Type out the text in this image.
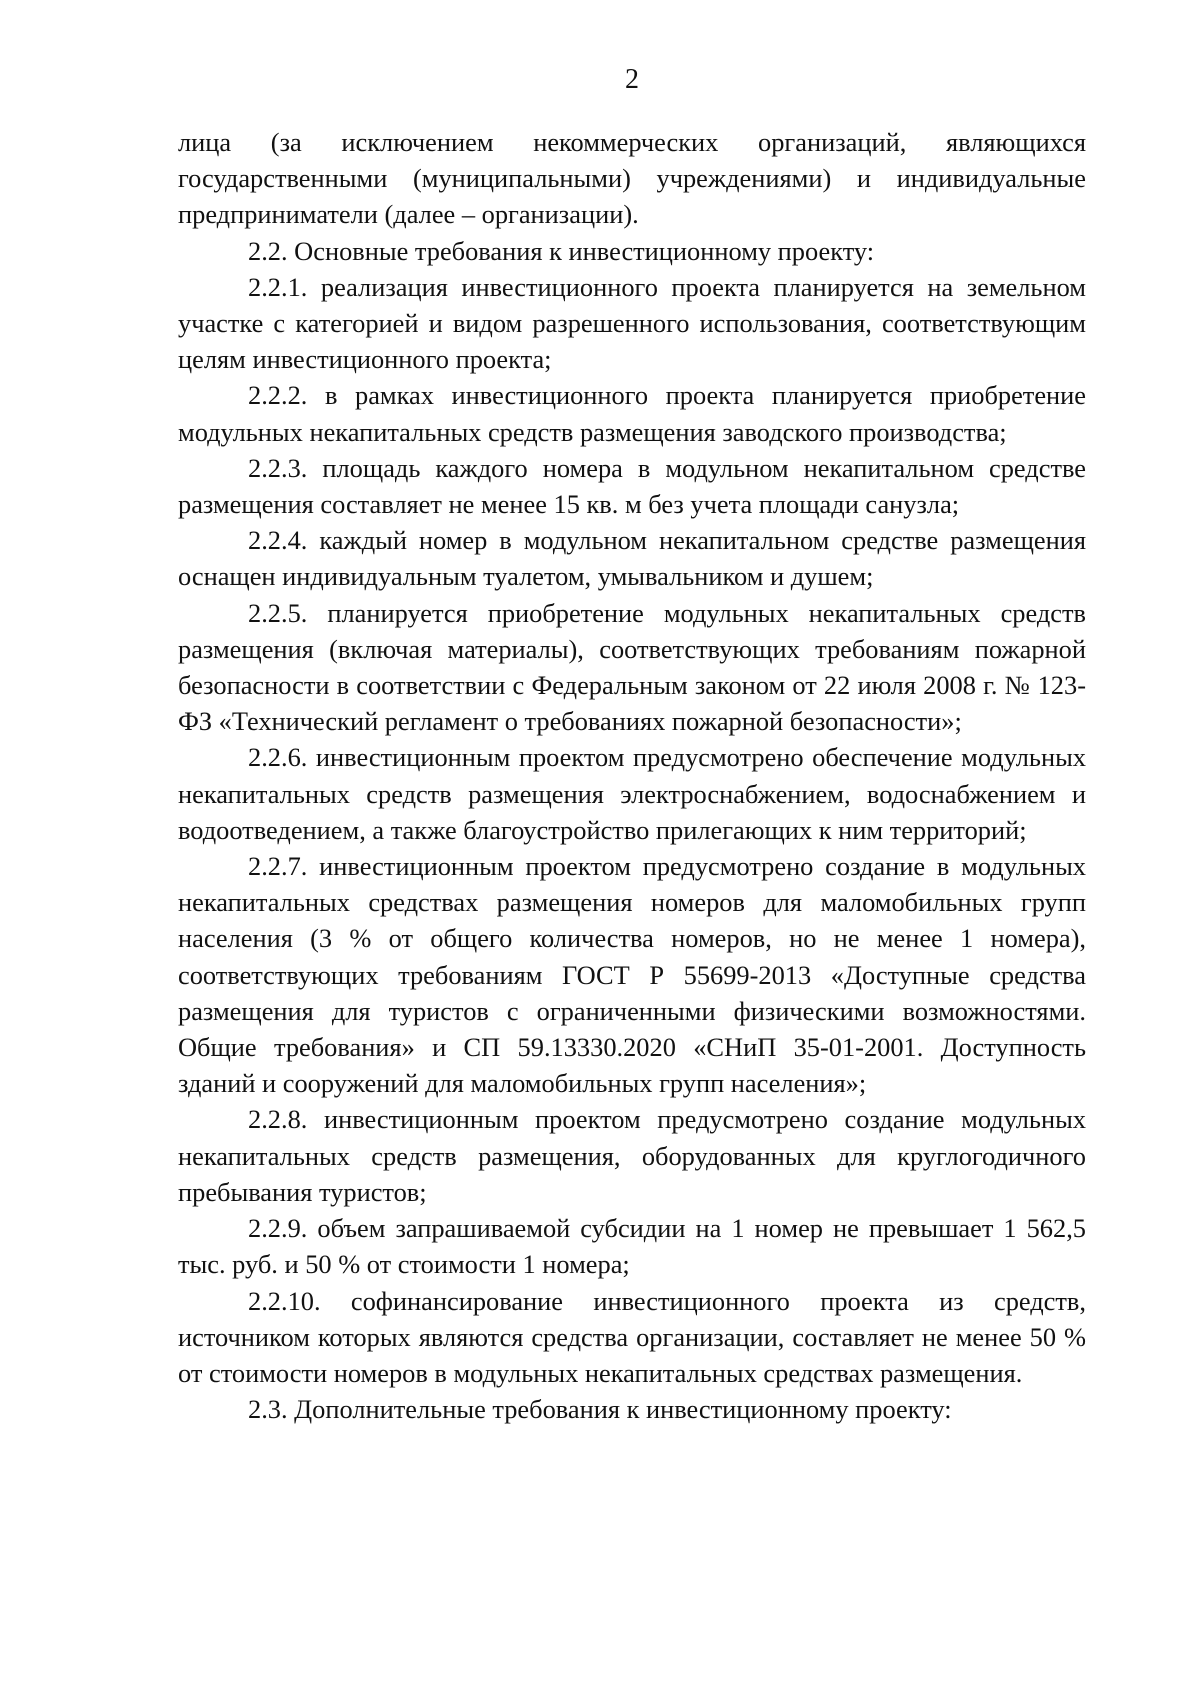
2

лица (за исключением некоммерческих организаций, являющихся государственными (муниципальными) учреждениями) и индивидуальные предприниматели (далее – организации).

2.2. Основные требования к инвестиционному проекту:

2.2.1. реализация инвестиционного проекта планируется на земельном участке с категорией и видом разрешенного использования, соответствующим целям инвестиционного проекта;

2.2.2. в рамках инвестиционного проекта планируется приобретение модульных некапитальных средств размещения заводского производства;

2.2.3. площадь каждого номера в модульном некапитальном средстве размещения составляет не менее 15 кв. м без учета площади санузла;

2.2.4. каждый номер в модульном некапитальном средстве размещения оснащен индивидуальным туалетом, умывальником и душем;

2.2.5. планируется приобретение модульных некапитальных средств размещения (включая материалы), соответствующих требованиям пожарной безопасности в соответствии с Федеральным законом от 22 июля 2008 г. № 123-ФЗ «Технический регламент о требованиях пожарной безопасности»;

2.2.6. инвестиционным проектом предусмотрено обеспечение модульных некапитальных средств размещения электроснабжением, водоснабжением и водоотведением, а также благоустройство прилегающих к ним территорий;

2.2.7. инвестиционным проектом предусмотрено создание в модульных некапитальных средствах размещения номеров для маломобильных групп населения (3 % от общего количества номеров, но не менее 1 номера), соответствующих требованиям ГОСТ Р 55699-2013 «Доступные средства размещения для туристов с ограниченными физическими возможностями. Общие требования» и СП 59.13330.2020 «СНиП 35-01-2001. Доступность зданий и сооружений для маломобильных групп населения»;

2.2.8. инвестиционным проектом предусмотрено создание модульных некапитальных средств размещения, оборудованных для круглогодичного пребывания туристов;

2.2.9. объем запрашиваемой субсидии на 1 номер не превышает 1 562,5 тыс. руб. и 50 % от стоимости 1 номера;

2.2.10. софинансирование инвестиционного проекта из средств, источником которых являются средства организации, составляет не менее 50 % от стоимости номеров в модульных некапитальных средствах размещения.

2.3. Дополнительные требования к инвестиционному проекту:
